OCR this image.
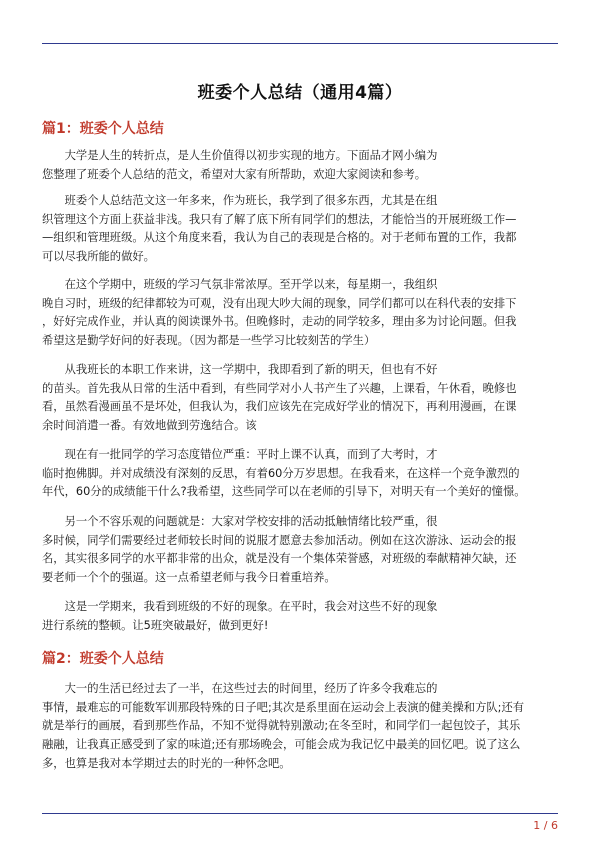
班委个人总结（通用4篇）
篇1：班委个人总结
　　大学是人生的转折点，是人生价值得以初步实现的地方。下面品才网小编为
您整理了班委个人总结的范文，希望对大家有所帮助，欢迎大家阅读和参考。
　　班委个人总结范文这一年多来，作为班长，我学到了很多东西，尤其是在组
织管理这个方面上获益非浅。我只有了解了底下所有同学们的想法，才能恰当的开展班级工作—
—组织和管理班级。从这个角度来看，我认为自己的表现是合格的。对于老师布置的工作，我都
可以尽我所能的做好。
　　在这个学期中，班级的学习气氛非常浓厚。至开学以来，每星期一，我组织
晚自习时，班级的纪律都较为可观，没有出现大吵大闹的现象，同学们都可以在科代表的安排下
，好好完成作业，并认真的阅读课外书。但晚修时，走动的同学较多，理由多为讨论问题。但我
希望这是勤学好问的好表现。（因为都是一些学习比较刻苦的学生）
　　从我班长的本职工作来讲，这一学期中，我即看到了新的明天，但也有不好
的苗头。首先我从日常的生活中看到，有些同学对小人书产生了兴趣，上课看，午休看，晚修也
看，虽然看漫画虽不是坏处，但我认为，我们应该先在完成好学业的情况下，再利用漫画，在课
余时间消遣一番。有效地做到劳逸结合。该
　　现在有一批同学的学习态度错位严重：平时上课不认真，而到了大考时，才
临时抱佛脚。并对成绩没有深刻的反思，有着60分万岁思想。在我看来，在这样一个竞争激烈的
年代，60分的成绩能干什么?我希望，这些同学可以在老师的引导下，对明天有一个美好的憧憬。
　　另一个不容乐观的问题就是：大家对学校安排的活动抵触情绪比较严重，很
多时候，同学们需要经过老师较长时间的说服才愿意去参加活动。例如在这次游泳、运动会的报
名，其实很多同学的水平都非常的出众，就是没有一个集体荣誉感，对班级的奉献精神欠缺，还
要老师一个个的强逼。这一点希望老师与我今日着重培养。
　　这是一学期来，我看到班级的不好的现象。在平时，我会对这些不好的现象
进行系统的整顿。让5班突破最好，做到更好!
篇2：班委个人总结
　　大一的生活已经过去了一半，在这些过去的时间里，经历了许多令我难忘的
事情，最难忘的可能数军训那段特殊的日子吧;其次是系里面在运动会上表演的健美操和方队;还有
就是举行的画展，看到那些作品，不知不觉得就特别激动;在冬至时，和同学们一起包饺子，其乐
融融，让我真正感受到了家的味道;还有那场晚会，可能会成为我记忆中最美的回忆吧。说了这么
多，也算是我对本学期过去的时光的一种怀念吧。
1 / 6
